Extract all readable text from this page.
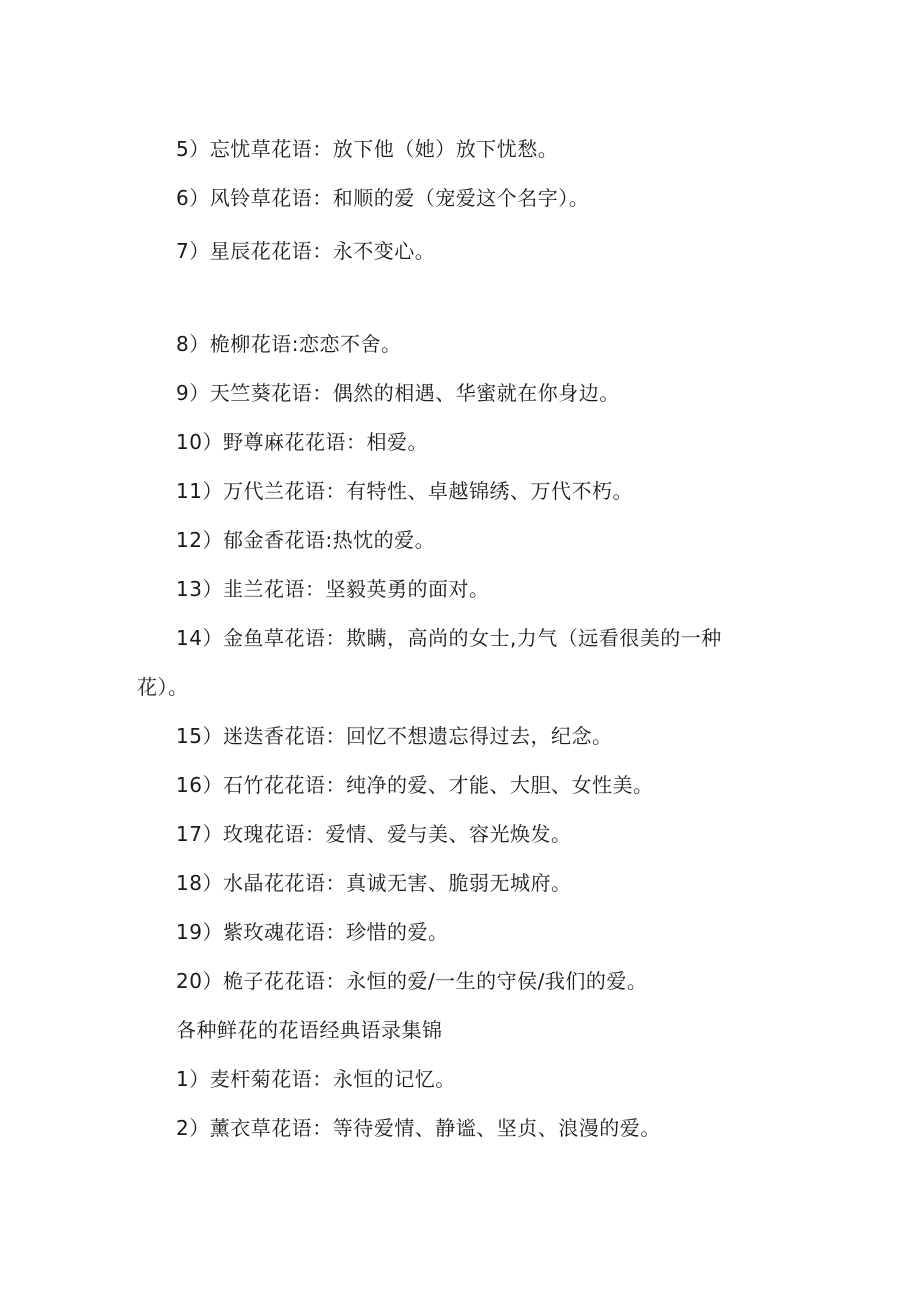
5）忘忧草花语：放下他（她）放下忧愁。
6）风铃草花语：和顺的爱（宠爱这个名字）。
7）星辰花花语：永不变心。
8）桅柳花语:恋恋不舍。
9）天竺葵花语：偶然的相遇、华蜜就在你身边。
10）野尊麻花花语：相爱。
11）万代兰花语：有特性、卓越锦绣、万代不朽。
12）郁金香花语:热忱的爱。
13）韭兰花语：坚毅英勇的面对。
14）金鱼草花语：欺瞒，高尚的女士,力气（远看很美的一种
花）。
15）迷迭香花语：回忆不想遗忘得过去，纪念。
16）石竹花花语：纯净的爱、才能、大胆、女性美。
17）玫瑰花语：爱情、爱与美、容光焕发。
18）水晶花花语：真诚无害、脆弱无城府。
19）紫玫魂花语：珍惜的爱。
20）桅子花花语：永恒的爱/一生的守侯/我们的爱。
各种鲜花的花语经典语录集锦
1）麦杆菊花语：永恒的记忆。
2）薰衣草花语：等待爱情、静谧、坚贞、浪漫的爱。
